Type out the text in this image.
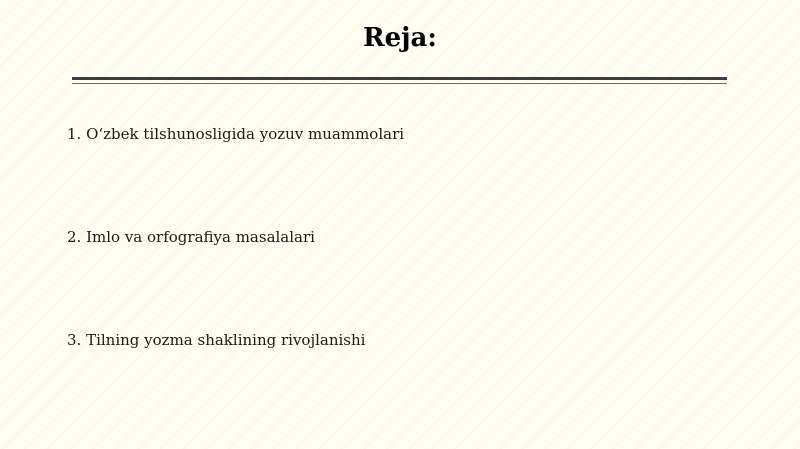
Reja:
1. O‘zbek tilshunosligida yozuv muammolari
2. Imlo va orfografiya masalalari
3. Tilning yozma shaklining rivojlanishi
